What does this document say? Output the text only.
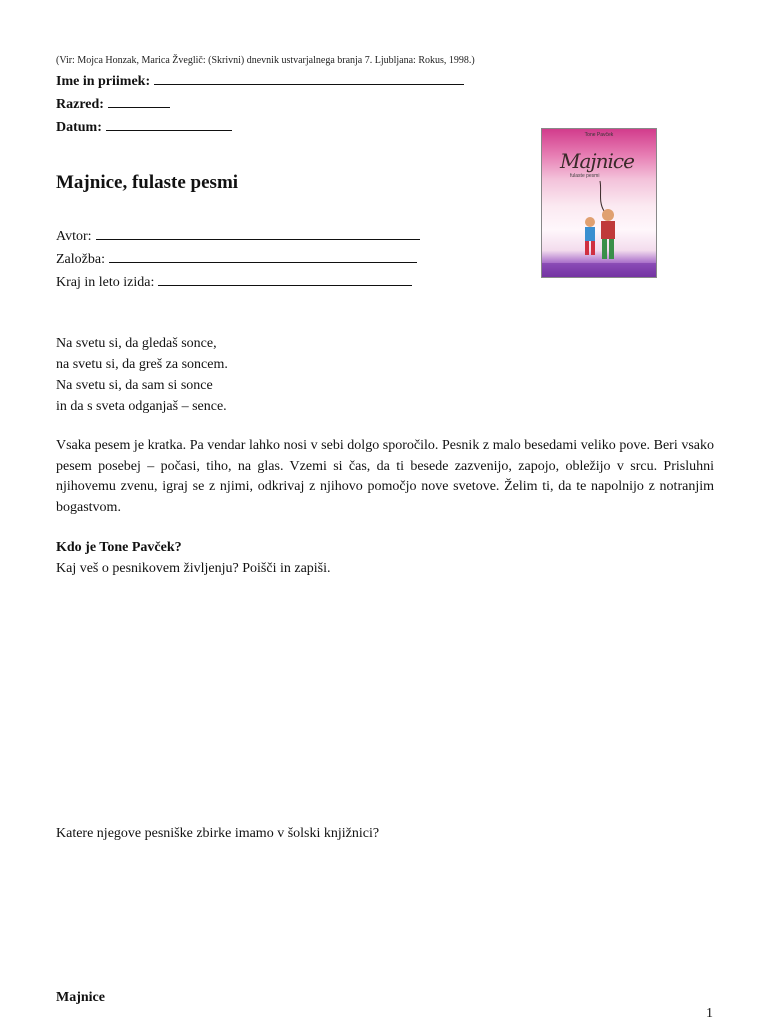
(Vir: Mojca Honzak, Marica Žveglič: (Skrivni) dnevnik ustvarjalnega branja 7. Ljubljana: Rokus, 1998.)
Ime in priimek:
Razred:
Datum:
Majnice, fulaste pesmi
Avtor:
Založba:
Kraj in leto izida:
Tone Pavček
Majnice
fulaste pesmi
Na svetu si, da gledaš sonce,
na svetu si, da greš za soncem.
Na svetu si, da sam si sonce
in da s sveta odganjaš – sence.
Vsaka pesem je kratka. Pa vendar lahko nosi v sebi dolgo sporočilo. Pesnik z malo besedami veliko pove. Beri vsako pesem posebej – počasi, tiho, na glas. Vzemi si čas, da ti besede zazvenijo, zapojo, obležijo v srcu. Prisluhni njihovemu zvenu, igraj se z njimi, odkrivaj z njihovo pomočjo nove svetove. Želim ti, da te napolnijo z notranjim bogastvom.
Kdo je Tone Pavček?
Kaj veš o pesnikovem življenju? Poišči in zapiši.
Katere njegove pesniške zbirke imamo v šolski knjižnici?
Majnice
1
